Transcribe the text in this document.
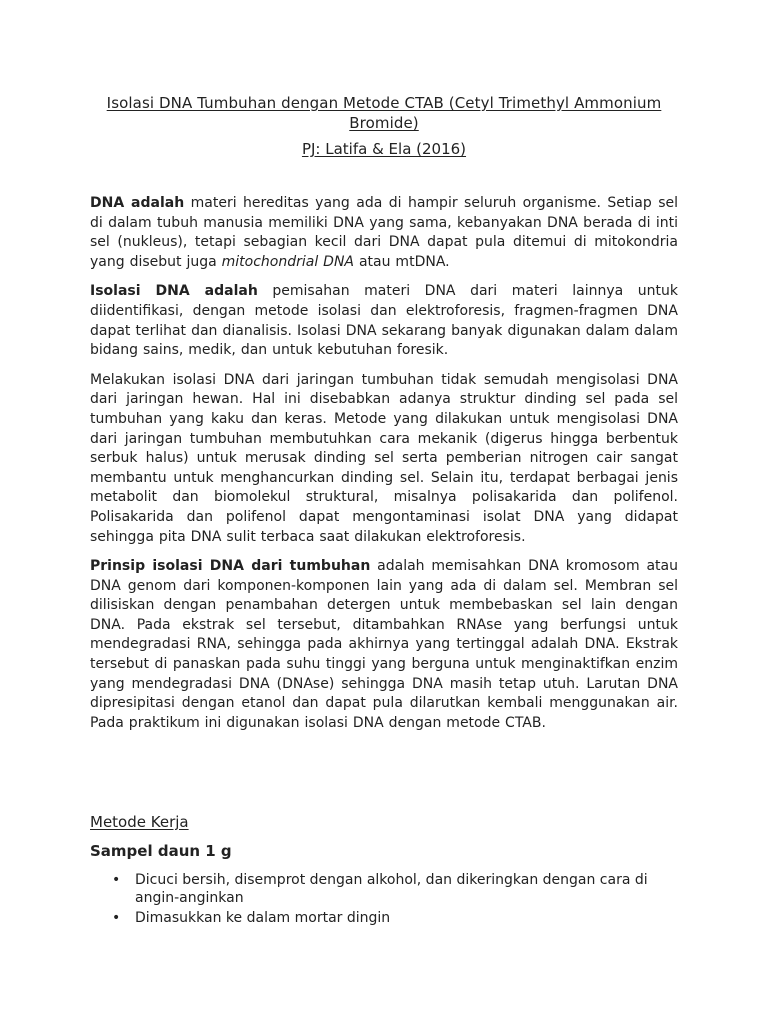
Isolasi DNA Tumbuhan dengan Metode CTAB (Cetyl Trimethyl Ammonium Bromide)
PJ: Latifa & Ela (2016)

DNA adalah materi hereditas yang ada di hampir seluruh organisme. Setiap sel di dalam tubuh manusia memiliki DNA yang sama, kebanyakan DNA berada di inti sel (nukleus), tetapi sebagian kecil dari DNA dapat pula ditemui di mitokondria yang disebut juga mitochondrial DNA atau mtDNA.

Isolasi DNA adalah pemisahan materi DNA dari materi lainnya untuk diidentifikasi, dengan metode isolasi dan elektroforesis, fragmen-fragmen DNA dapat terlihat dan dianalisis. Isolasi DNA sekarang banyak digunakan dalam dalam bidang sains, medik, dan untuk kebutuhan foresik.

Melakukan isolasi DNA dari jaringan tumbuhan tidak semudah mengisolasi DNA dari jaringan hewan. Hal ini disebabkan adanya struktur dinding sel pada sel tumbuhan yang kaku dan keras. Metode yang dilakukan untuk mengisolasi DNA dari jaringan tumbuhan membutuhkan cara mekanik (digerus hingga berbentuk serbuk halus) untuk merusak dinding sel serta pemberian nitrogen cair sangat membantu untuk menghancurkan dinding sel. Selain itu, terdapat berbagai jenis metabolit dan biomolekul struktural, misalnya polisakarida dan polifenol. Polisakarida dan polifenol dapat mengontaminasi isolat DNA yang didapat sehingga pita DNA sulit terbaca saat dilakukan elektroforesis.

Prinsip isolasi DNA dari tumbuhan adalah memisahkan DNA kromosom atau DNA genom dari komponen-komponen lain yang ada di dalam sel. Membran sel dilisiskan dengan penambahan detergen untuk membebaskan sel lain dengan DNA. Pada ekstrak sel tersebut, ditambahkan RNAse yang berfungsi untuk mendegradasi RNA, sehingga pada akhirnya yang tertinggal adalah DNA. Ekstrak tersebut di panaskan pada suhu tinggi yang berguna untuk menginaktifkan enzim yang mendegradasi DNA (DNAse) sehingga DNA masih tetap utuh. Larutan DNA dipresipitasi dengan etanol dan dapat pula dilarutkan kembali menggunakan air. Pada praktikum ini digunakan isolasi DNA dengan metode CTAB.

Metode Kerja
Sampel daun 1 g
• Dicuci bersih, disemprot dengan alkohol, dan dikeringkan dengan cara di angin-anginkan
• Dimasukkan ke dalam mortar dingin
